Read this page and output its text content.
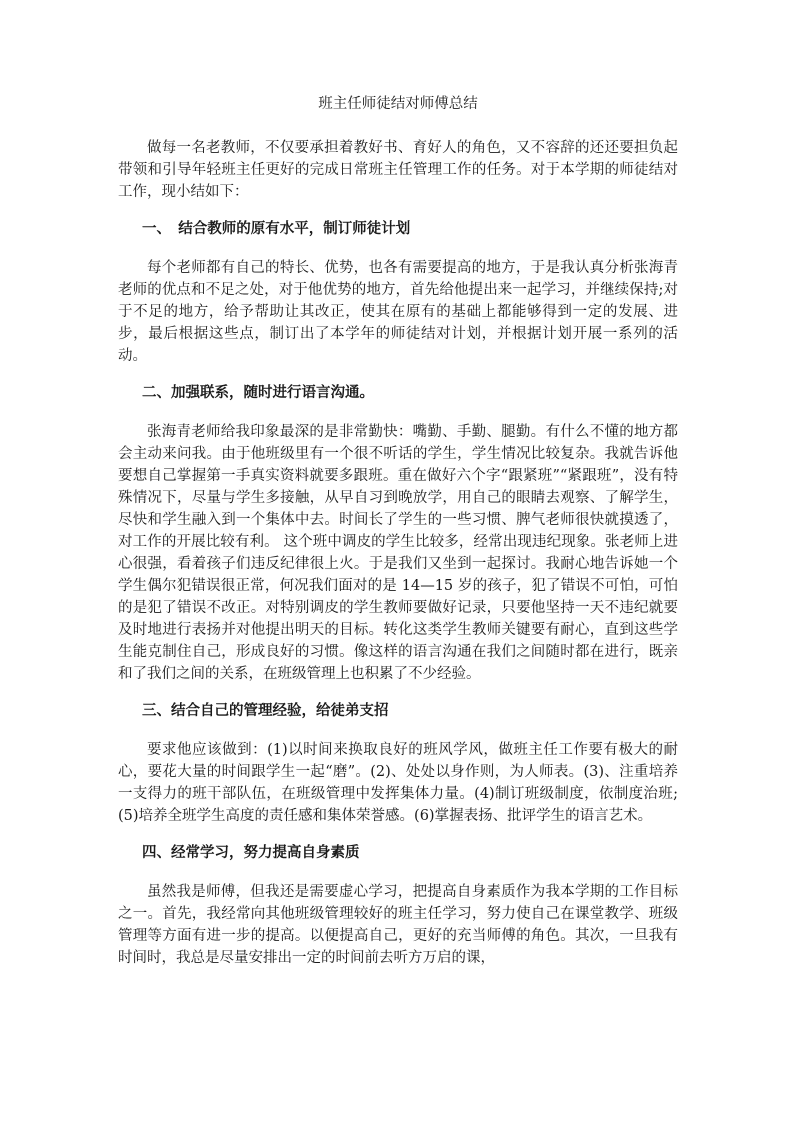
班主任师徒结对师傅总结

做每一名老教师，不仅要承担着教好书、育好人的角色，又不容辞的还还要担负起带领和引导年轻班主任更好的完成日常班主任管理工作的任务。对于本学期的师徒结对工作，现小结如下：

一、　结合教师的原有水平，制订师徒计划

每个老师都有自己的特长、优势，也各有需要提高的地方，于是我认真分析张海青老师的优点和不足之处，对于他优势的地方，首先给他提出来一起学习，并继续保持;对于不足的地方，给予帮助让其改正，使其在原有的基础上都能够得到一定的发展、进步，最后根据这些点，制订出了本学年的师徒结对计划，并根据计划开展一系列的活动。

二、加强联系，随时进行语言沟通。

张海青老师给我印象最深的是非常勤快：嘴勤、手勤、腿勤。有什么不懂的地方都会主动来问我。由于他班级里有一个很不听话的学生，学生情况比较复杂。我就告诉他要想自己掌握第一手真实资料就要多跟班。重在做好六个字“跟紧班”“紧跟班”，没有特殊情况下，尽量与学生多接触，从早自习到晚放学，用自己的眼睛去观察、了解学生，尽快和学生融入到一个集体中去。时间长了学生的一些习惯、脾气老师很快就摸透了，对工作的开展比较有利。 这个班中调皮的学生比较多，经常出现违纪现象。张老师上进心很强，看着孩子们违反纪律很上火。于是我们又坐到一起探讨。我耐心地告诉她一个学生偶尔犯错误很正常，何况我们面对的是 14—15 岁的孩子，犯了错误不可怕，可怕的是犯了错误不改正。对特别调皮的学生教师要做好记录，只要他坚持一天不违纪就要及时地进行表扬并对他提出明天的目标。转化这类学生教师关键要有耐心，直到这些学生能克制住自己，形成良好的习惯。像这样的语言沟通在我们之间随时都在进行，既亲和了我们之间的关系，在班级管理上也积累了不少经验。

三、结合自己的管理经验，给徒弟支招

要求他应该做到：(1)以时间来换取良好的班风学风，做班主任工作要有极大的耐心，要花大量的时间跟学生一起“磨”。(2)、处处以身作则，为人师表。(3)、注重培养一支得力的班干部队伍，在班级管理中发挥集体力量。(4)制订班级制度，依制度治班;(5)培养全班学生高度的责任感和集体荣誉感。(6)掌握表扬、批评学生的语言艺术。

四、经常学习，努力提高自身素质

虽然我是师傅，但我还是需要虚心学习，把提高自身素质作为我本学期的工作目标之一。首先，我经常向其他班级管理较好的班主任学习，努力使自己在课堂教学、班级管理等方面有进一步的提高。以便提高自己，更好的充当师傅的角色。其次，一旦我有时间时，我总是尽量安排出一定的时间前去听方万启的课，
